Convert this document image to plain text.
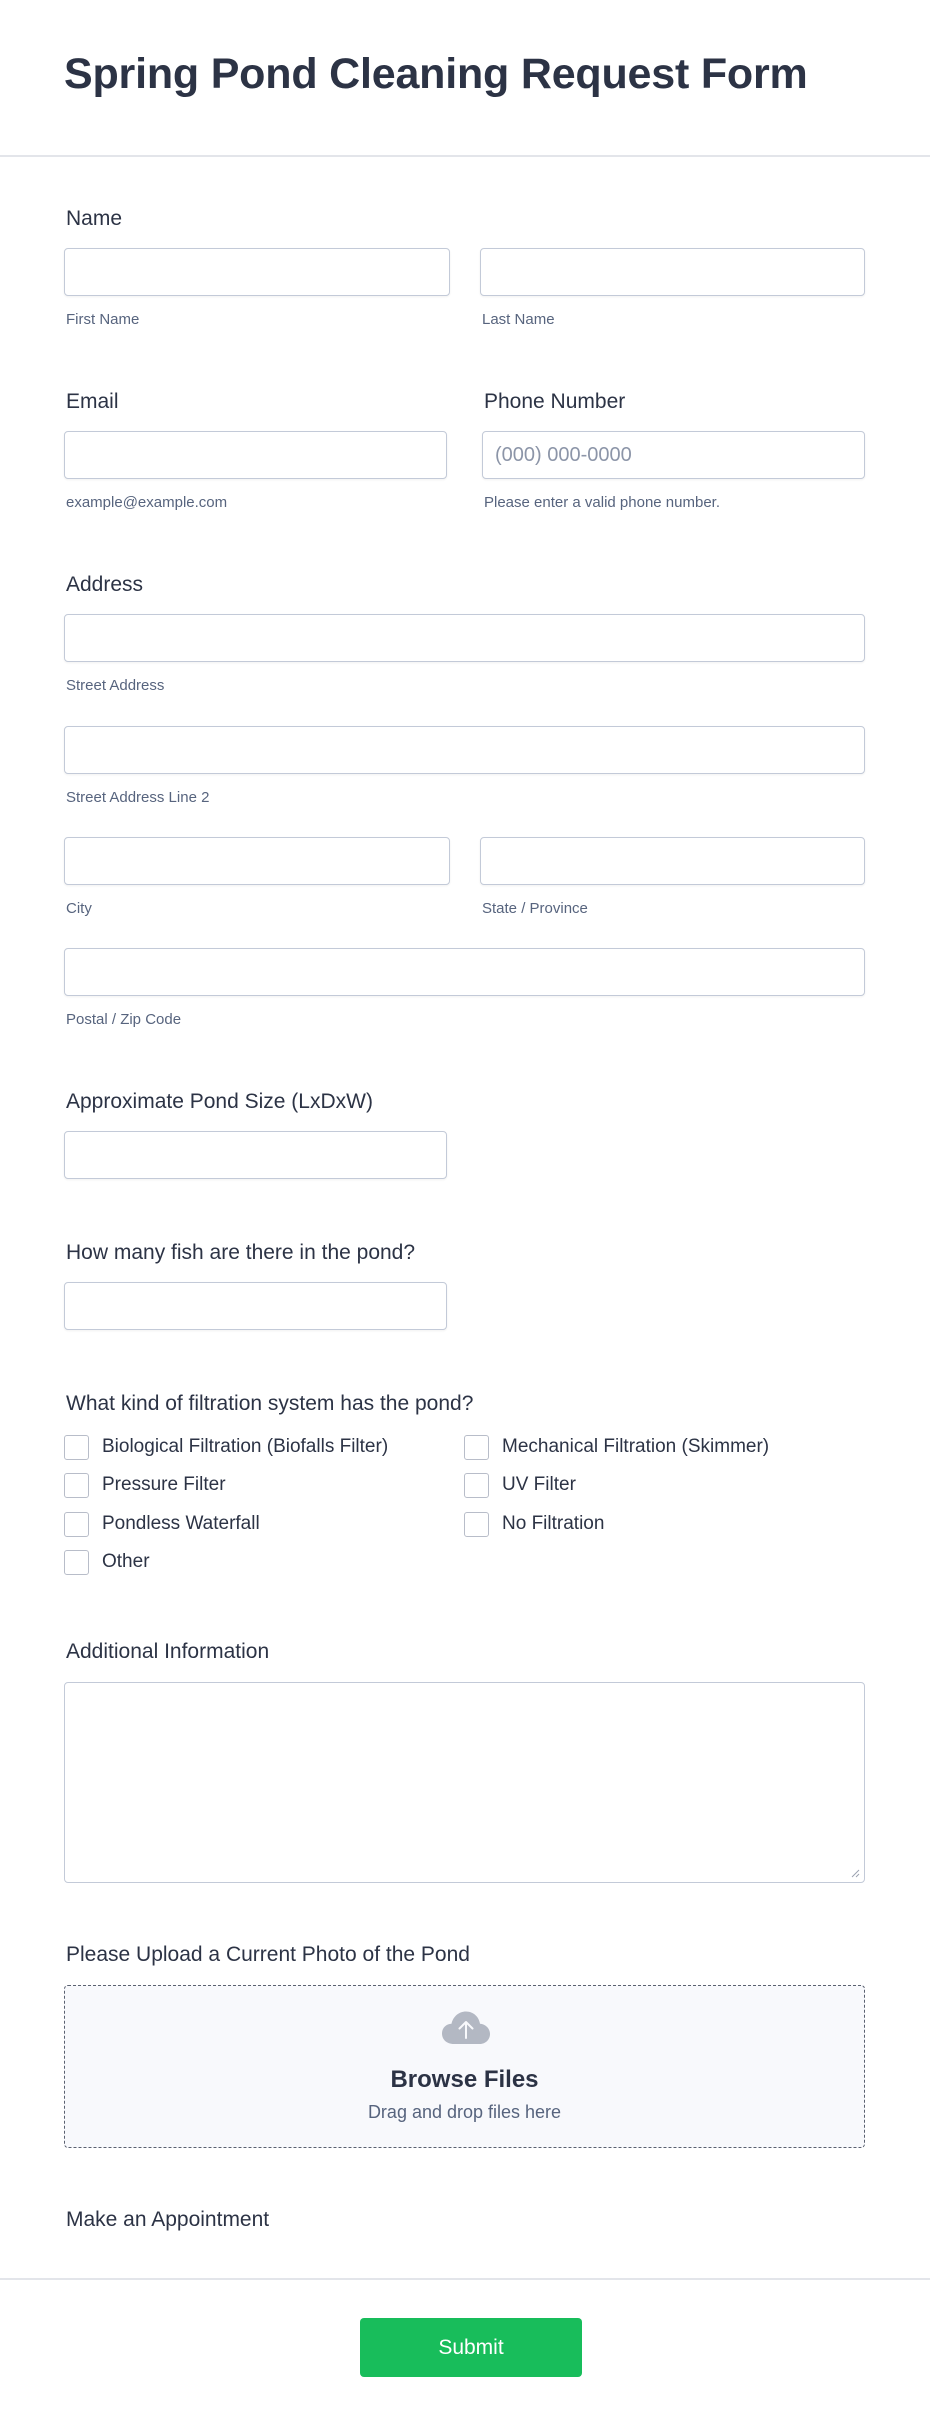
Spring Pond Cleaning Request Form
Name
First Name	Last Name
Email	Phone Number
(000) 000-0000
example@example.com	Please enter a valid phone number.
Address
Street Address
Street Address Line 2
City	State / Province
Postal / Zip Code
Approximate Pond Size (LxDxW)
How many fish are there in the pond?
What kind of filtration system has the pond?
Biological Filtration (Biofalls Filter)	Mechanical Filtration (Skimmer)
Pressure Filter	UV Filter
Pondless Waterfall	No Filtration
Other
Additional Information
Please Upload a Current Photo of the Pond
Browse Files
Drag and drop files here
Make an Appointment
Submit
